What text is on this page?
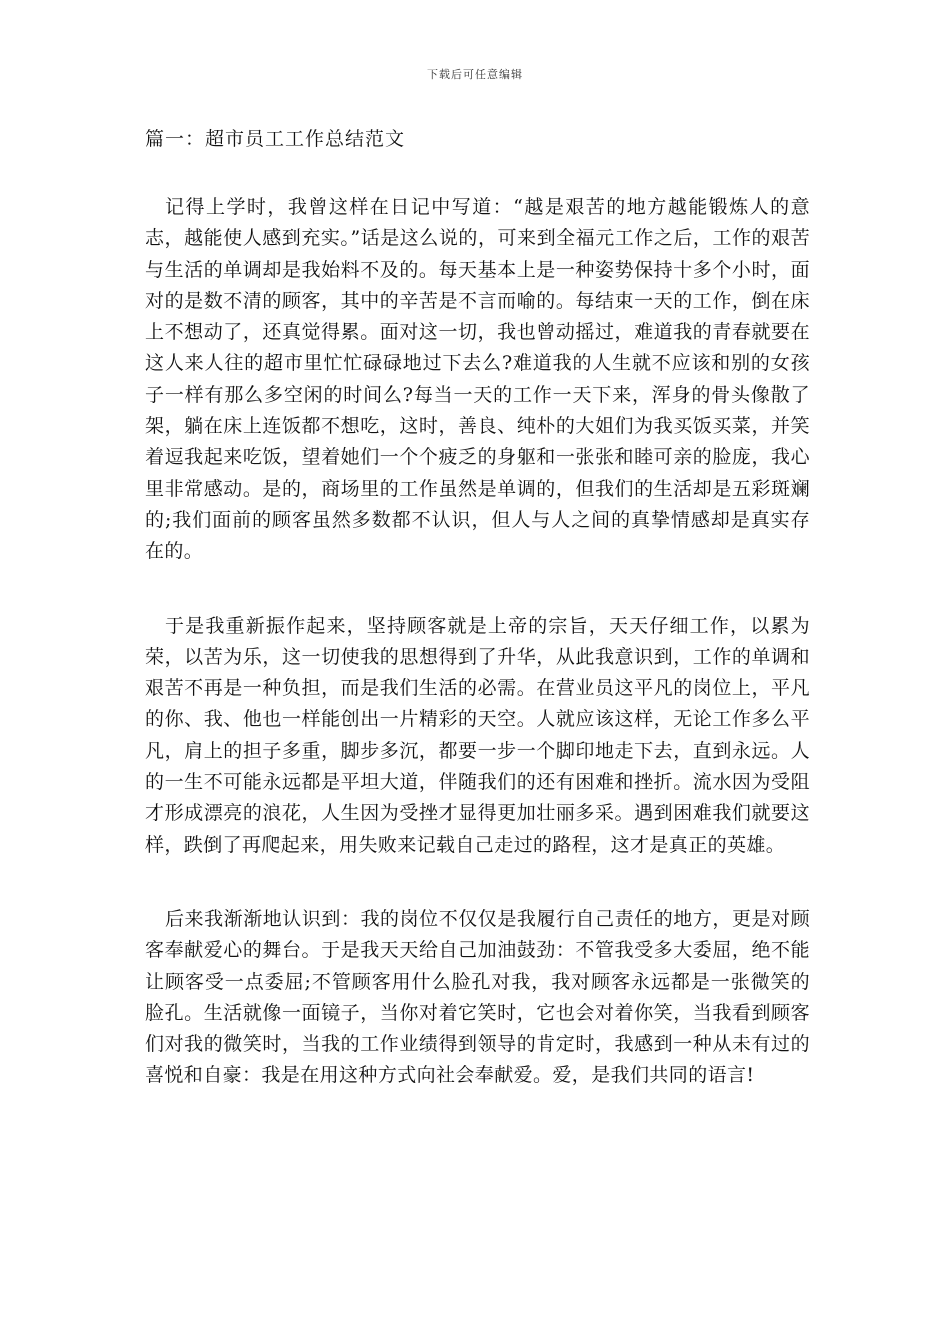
下载后可任意编辑
篇一：超市员工工作总结范文

记得上学时，我曾这样在日记中写道：“越是艰苦的地方越能锻炼人的意志，越能使人感到充实。”话是这么说的，可来到全福元工作之后，工作的艰苦与生活的单调却是我始料不及的。每天基本上是一种姿势保持十多个小时，面对的是数不清的顾客，其中的辛苦是不言而喻的。每结束一天的工作，倒在床上不想动了，还真觉得累。面对这一切，我也曾动摇过，难道我的青春就要在这人来人往的超市里忙忙碌碌地过下去么?难道我的人生就不应该和别的女孩子一样有那么多空闲的时间么?每当一天的工作一天下来，浑身的骨头像散了架，躺在床上连饭都不想吃，这时，善良、纯朴的大姐们为我买饭买菜，并笑着逗我起来吃饭，望着她们一个个疲乏的身躯和一张张和睦可亲的脸庞，我心里非常感动。是的，商场里的工作虽然是单调的，但我们的生活却是五彩斑斓的;我们面前的顾客虽然多数都不认识，但人与人之间的真挚情感却是真实存在的。

于是我重新振作起来，坚持顾客就是上帝的宗旨，天天仔细工作，以累为荣，以苦为乐，这一切使我的思想得到了升华，从此我意识到，工作的单调和艰苦不再是一种负担，而是我们生活的必需。在营业员这平凡的岗位上，平凡的你、我、他也一样能创出一片精彩的天空。人就应该这样，无论工作多么平凡，肩上的担子多重，脚步多沉，都要一步一个脚印地走下去，直到永远。人的一生不可能永远都是平坦大道，伴随我们的还有困难和挫折。流水因为受阻才形成漂亮的浪花，人生因为受挫才显得更加壮丽多采。遇到困难我们就要这样，跌倒了再爬起来，用失败来记载自己走过的路程，这才是真正的英雄。

后来我渐渐地认识到：我的岗位不仅仅是我履行自己责任的地方，更是对顾客奉献爱心的舞台。于是我天天给自己加油鼓劲：不管我受多大委屈，绝不能让顾客受一点委屈;不管顾客用什么脸孔对我，我对顾客永远都是一张微笑的脸孔。生活就像一面镜子，当你对着它笑时，它也会对着你笑，当我看到顾客们对我的微笑时，当我的工作业绩得到领导的肯定时，我感到一种从未有过的喜悦和自豪：我是在用这种方式向社会奉献爱。爱，是我们共同的语言!
